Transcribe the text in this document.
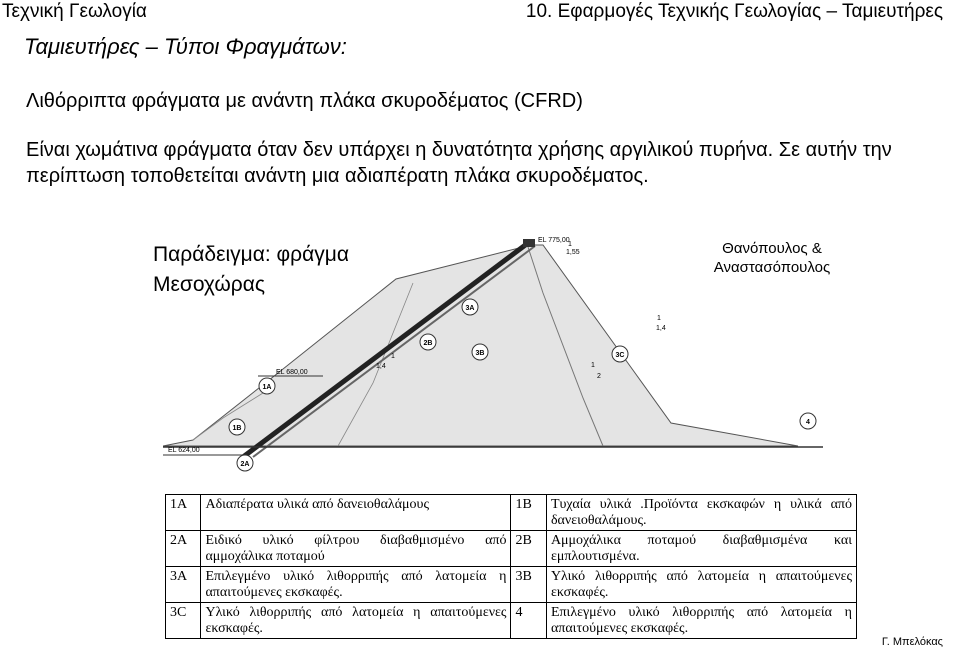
Τεχνική Γεωλογία	10. Εφαρμογές Τεχνικής Γεωλογίας – Ταμιευτήρες
Ταμιευτήρες – Τύποι Φραγμάτων:
Λιθόρριπτα φράγματα με ανάντη πλάκα σκυροδέματος (CFRD)
Είναι χωμάτινα φράγματα όταν δεν υπάρχει η δυνατότητα χρήσης αργιλικού πυρήνα. Σε αυτήν την περίπτωση τοποθετείται ανάντη μια αδιαπέρατη πλάκα σκυροδέματος.
Παράδειγμα: φράγμα
Μεσοχώρας
Θανόπουλος &
Αναστασόπουλος
EL 775,00
EL 680,00
EL 624,00
1
1,55
1
1,4
1
1,4
1
2
1A
1B
2A
2B
3A
3B	3C
4
1Α	Αδιαπέρατα υλικά από δανειοθαλάμους	1Β	Τυχαία υλικά .Προϊόντα εκσκαφών η υλικά από δανειοθαλάμους.
2Α	Ειδικό υλικό φίλτρου διαβαθμισμένο από αμμοχάλικα ποταμού	2Β	Αμμοχάλικα ποταμού διαβαθμισμένα και εμπλουτισμένα.
3Α	Επιλεγμένο υλικό λιθορριπής από λατομεία η απαιτούμενες εκσκαφές.	3Β	Υλικό λιθορριπής από λατομεία η απαιτούμενες εκσκαφές.
3C	Υλικό λιθορριπής από λατομεία η απαιτούμενες εκσκαφές.	4	Επιλεγμένο υλικό λιθορριπής από λατομεία η απαιτούμενες εκσκαφές.
Γ. Μπελόκας
